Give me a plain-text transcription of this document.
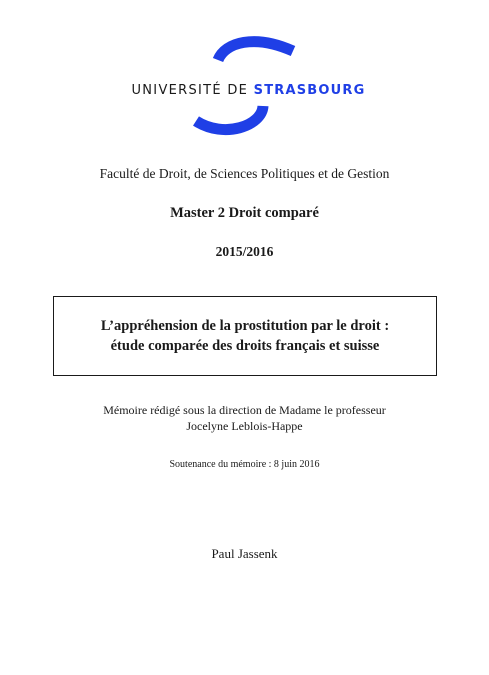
UNIVERSITÉ DE STRASBOURG
Faculté de Droit, de Sciences Politiques et de Gestion
Master 2 Droit comparé
2015/2016
L’appréhension de la prostitution par le droit :
étude comparée des droits français et suisse
Mémoire rédigé sous la direction de Madame le professeur
Jocelyne Leblois-Happe
Soutenance du mémoire : 8 juin 2016
Paul Jassenk
